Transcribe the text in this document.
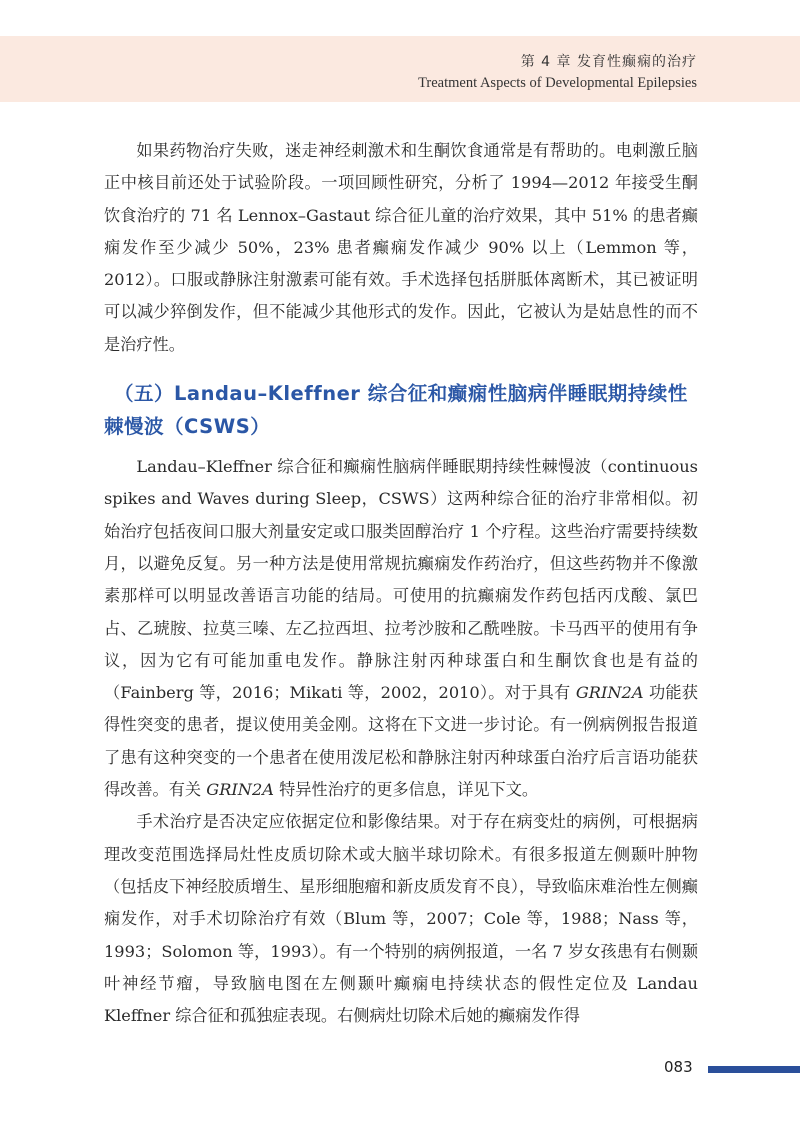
第 4 章 发育性癫痫的治疗
Treatment Aspects of Developmental Epilepsies

如果药物治疗失败，迷走神经刺激术和生酮饮食通常是有帮助的。电刺激丘脑正中核目前还处于试验阶段。一项回顾性研究，分析了 1994—2012 年接受生酮饮食治疗的 71 名 Lennox–Gastaut 综合征儿童的治疗效果，其中 51% 的患者癫痫发作至少减少 50%，23% 患者癫痫发作减少 90% 以上（Lemmon 等，2012）。口服或静脉注射激素可能有效。手术选择包括胼胝体离断术，其已被证明可以减少猝倒发作，但不能减少其他形式的发作。因此，它被认为是姑息性的而不是治疗性。

（五）Landau–Kleffner 综合征和癫痫性脑病伴睡眠期持续性棘慢波（CSWS）

Landau–Kleffner 综合征和癫痫性脑病伴睡眠期持续性棘慢波（continuous spikes and Waves during Sleep，CSWS）这两种综合征的治疗非常相似。初始治疗包括夜间口服大剂量安定或口服类固醇治疗 1 个疗程。这些治疗需要持续数月，以避免反复。另一种方法是使用常规抗癫痫发作药治疗，但这些药物并不像激素那样可以明显改善语言功能的结局。可使用的抗癫痫发作药包括丙戊酸、氯巴占、乙琥胺、拉莫三嗪、左乙拉西坦、拉考沙胺和乙酰唑胺。卡马西平的使用有争议，因为它有可能加重电发作。静脉注射丙种球蛋白和生酮饮食也是有益的（Fainberg 等，2016；Mikati 等，2002，2010）。对于具有 GRIN2A 功能获得性突变的患者，提议使用美金刚。这将在下文进一步讨论。有一例病例报告报道了患有这种突变的一个患者在使用泼尼松和静脉注射丙种球蛋白治疗后言语功能获得改善。有关 GRIN2A 特异性治疗的更多信息，详见下文。

手术治疗是否决定应依据定位和影像结果。对于存在病变灶的病例，可根据病理改变范围选择局灶性皮质切除术或大脑半球切除术。有很多报道左侧颞叶肿物（包括皮下神经胶质增生、星形细胞瘤和新皮质发育不良），导致临床难治性左侧癫痫发作，对手术切除治疗有效（Blum 等，2007；Cole 等，1988；Nass 等，1993；Solomon 等，1993）。有一个特别的病例报道，一名 7 岁女孩患有右侧颞叶神经节瘤，导致脑电图在左侧颞叶癫痫电持续状态的假性定位及 Landau Kleffner 综合征和孤独症表现。右侧病灶切除术后她的癫痫发作得

083
